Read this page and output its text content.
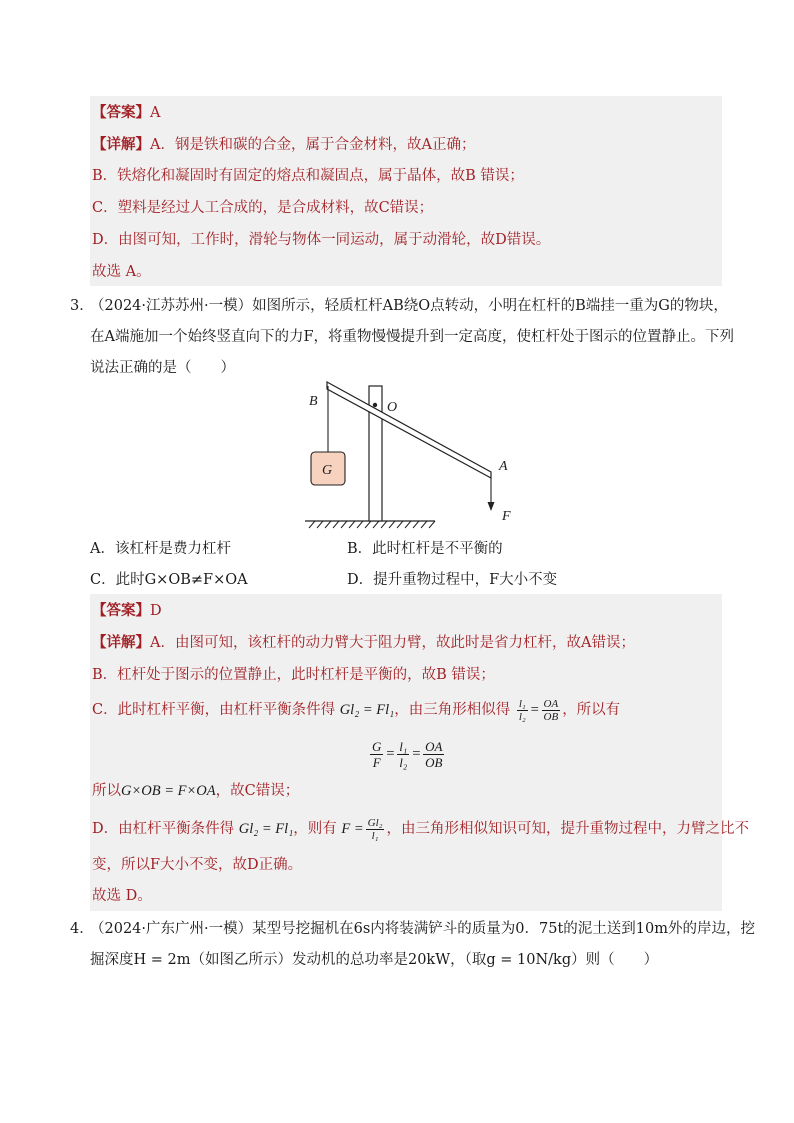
【答案】A
【详解】A．钢是铁和碳的合金，属于合金材料，故A正确；
B．铁熔化和凝固时有固定的熔点和凝固点，属于晶体，故B 错误；
C．塑料是经过人工合成的，是合成材料，故C错误；
D．由图可知，工作时，滑轮与物体一同运动，属于动滑轮，故D错误。
故选 A。
3．
（2024·江苏苏州·一模）如图所示，轻质杠杆AB绕O点转动，小明在杠杆的B端挂一重为G的物块，
在A端施加一个始终竖直向下的力F，将重物慢慢提升到一定高度，使杠杆处于图示的位置静止。下列
说法正确的是（　　）
B	O
A
G
F
A．该杠杆是费力杠杆	B．此时杠杆是不平衡的
C．此时G×OB≠F×OA	D．提升重物过程中，F大小不变
【答案】D
【详解】A．由图可知，该杠杆的动力臂大于阻力臂，故此时是省力杠杆，故A错误；
B．杠杆处于图示的位置静止，此时杠杆是平衡的，故B 错误；
C．此时杠杆平衡，由杠杆平衡条件得 Gl₂ = Fl₁，由三角形相似得 $\frac{\text{l₁}}{\text{l₂}} = \frac{OA}{OB}$ ，所以有
$\frac{G}{F} = \frac{\text{l₁}}{\text{l₂}} = \frac{OA}{OB}$
所以G×OB = F×OA，故C错误；
D．由杠杆平衡条件得 Gl₂ = Fl₁，则有 $F = \frac{\text{Gl₂}}{\text{l₁}}$ ，由三角形相似知识可知，提升重物过程中，力臂之比不
变，所以F大小不变，故D正确。
故选 D。
4．
（2024·广东广州·一模）某型号挖掘机在6s内将装满铲斗的质量为0．75t的泥土送到10m外的岸边，挖
掘深度H = 2m（如图乙所示）发动机的总功率是20kW，（取g = 10N/kg）则（　　）
